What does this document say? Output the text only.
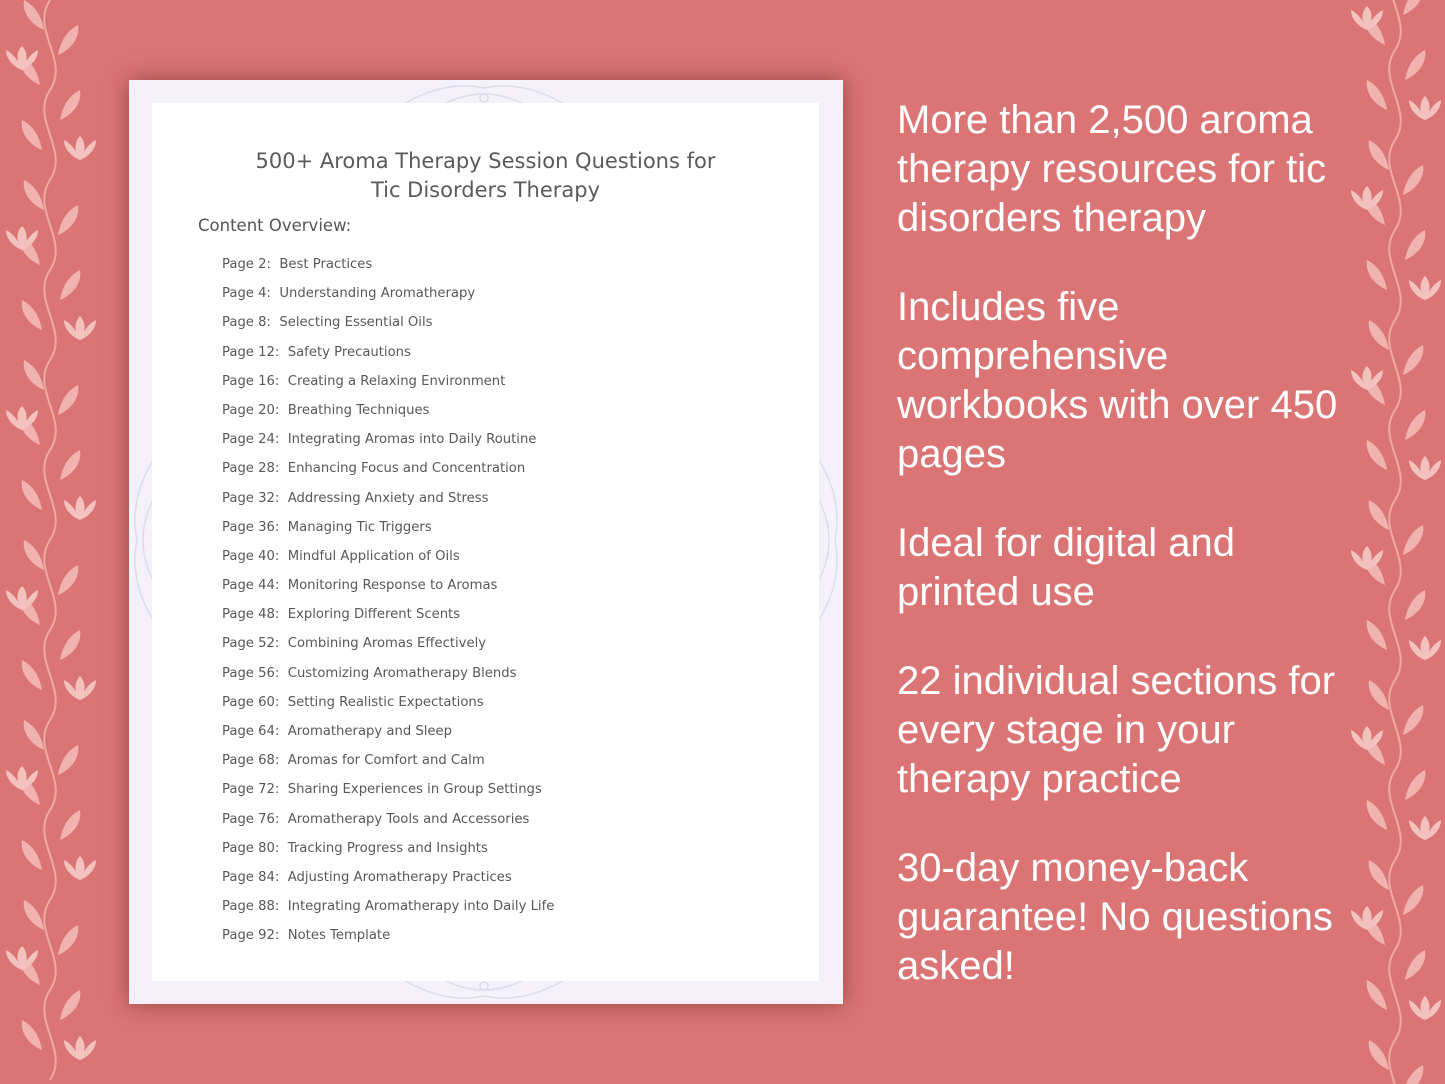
500+ Aroma Therapy Session Questions for
Tic Disorders Therapy
Content Overview:
Page 2: Best Practices
Page 4: Understanding Aromatherapy
Page 8: Selecting Essential Oils
Page 12: Safety Precautions
Page 16: Creating a Relaxing Environment
Page 20: Breathing Techniques
Page 24: Integrating Aromas into Daily Routine
Page 28: Enhancing Focus and Concentration
Page 32: Addressing Anxiety and Stress
Page 36: Managing Tic Triggers
Page 40: Mindful Application of Oils
Page 44: Monitoring Response to Aromas
Page 48: Exploring Different Scents
Page 52: Combining Aromas Effectively
Page 56: Customizing Aromatherapy Blends
Page 60: Setting Realistic Expectations
Page 64: Aromatherapy and Sleep
Page 68: Aromas for Comfort and Calm
Page 72: Sharing Experiences in Group Settings
Page 76: Aromatherapy Tools and Accessories
Page 80: Tracking Progress and Insights
Page 84: Adjusting Aromatherapy Practices
Page 88: Integrating Aromatherapy into Daily Life
Page 92: Notes Template

More than 2,500 aroma therapy resources for tic disorders therapy

Includes five comprehensive workbooks with over 450 pages

Ideal for digital and printed use

22 individual sections for every stage in your therapy practice

30-day money-back guarantee! No questions asked!
